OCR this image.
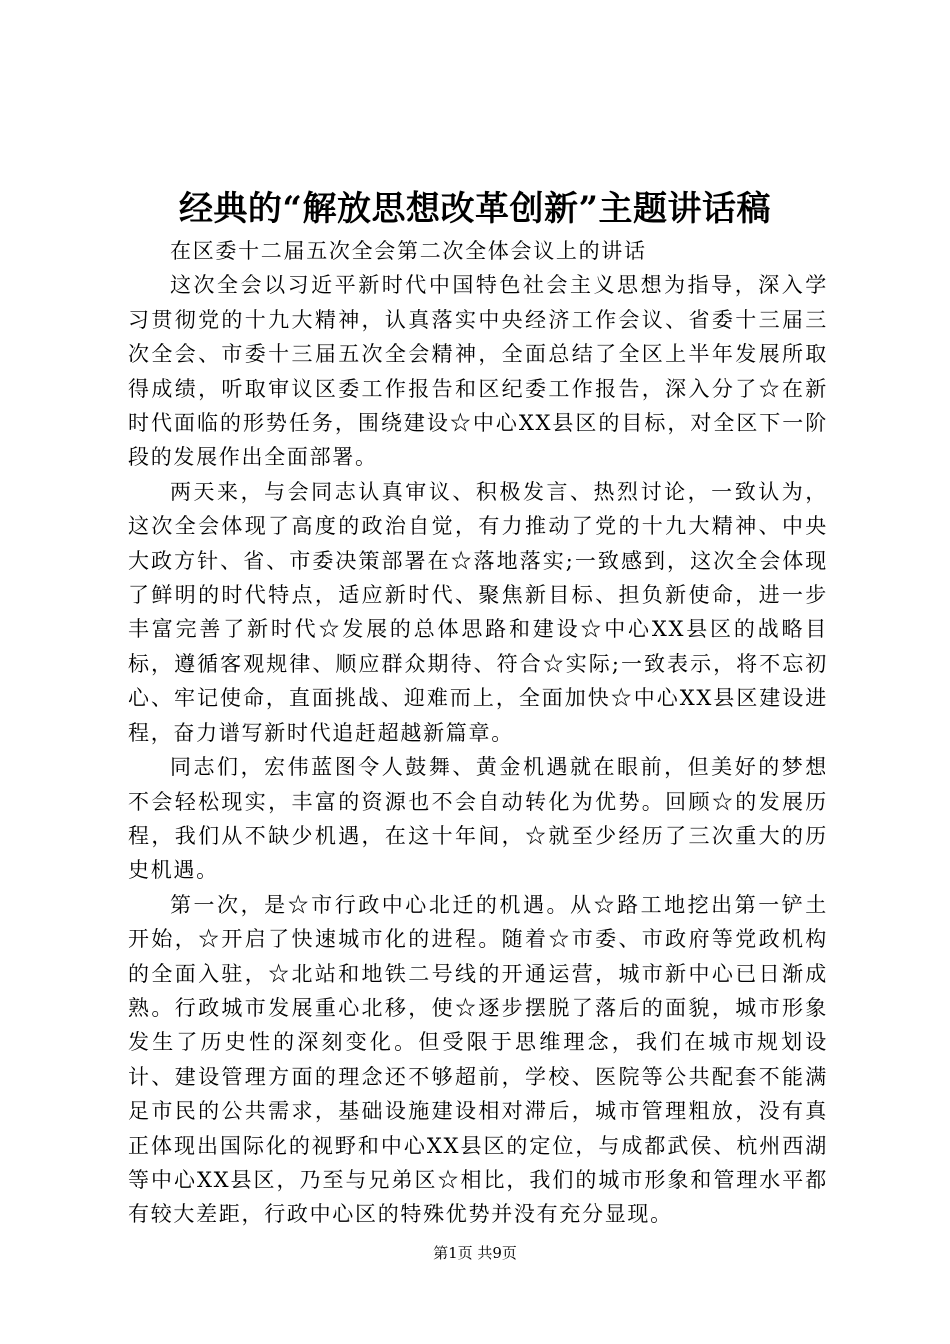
经典的“解放思想改革创新”主题讲话稿

在区委十二届五次全会第二次全体会议上的讲话

这次全会以习近平新时代中国特色社会主义思想为指导，深入学习贯彻党的十九大精神，认真落实中央经济工作会议、省委十三届三次全会、市委十三届五次全会精神，全面总结了全区上半年发展所取得成绩，听取审议区委工作报告和区纪委工作报告，深入分了☆在新时代面临的形势任务，围绕建设☆中心XX县区的目标，对全区下一阶段的发展作出全面部署。

两天来，与会同志认真审议、积极发言、热烈讨论，一致认为，这次全会体现了高度的政治自觉，有力推动了党的十九大精神、中央大政方针、省、市委决策部署在☆落地落实;一致感到，这次全会体现了鲜明的时代特点，适应新时代、聚焦新目标、担负新使命，进一步丰富完善了新时代☆发展的总体思路和建设☆中心XX县区的战略目标，遵循客观规律、顺应群众期待、符合☆实际;一致表示，将不忘初心、牢记使命，直面挑战、迎难而上，全面加快☆中心XX县区建设进程，奋力谱写新时代追赶超越新篇章。

同志们，宏伟蓝图令人鼓舞、黄金机遇就在眼前，但美好的梦想不会轻松现实，丰富的资源也不会自动转化为优势。回顾☆的发展历程，我们从不缺少机遇，在这十年间，☆就至少经历了三次重大的历史机遇。

第一次，是☆市行政中心北迁的机遇。从☆路工地挖出第一铲土开始，☆开启了快速城市化的进程。随着☆市委、市政府等党政机构的全面入驻，☆北站和地铁二号线的开通运营，城市新中心已日渐成熟。行政城市发展重心北移，使☆逐步摆脱了落后的面貌，城市形象发生了历史性的深刻变化。但受限于思维理念，我们在城市规划设计、建设管理方面的理念还不够超前，学校、医院等公共配套不能满足市民的公共需求，基础设施建设相对滞后，城市管理粗放，没有真正体现出国际化的视野和中心XX县区的定位，与成都武侯、杭州西湖等中心XX县区，乃至与兄弟区☆相比，我们的城市形象和管理水平都有较大差距，行政中心区的特殊优势并没有充分显现。

第1页 共9页
